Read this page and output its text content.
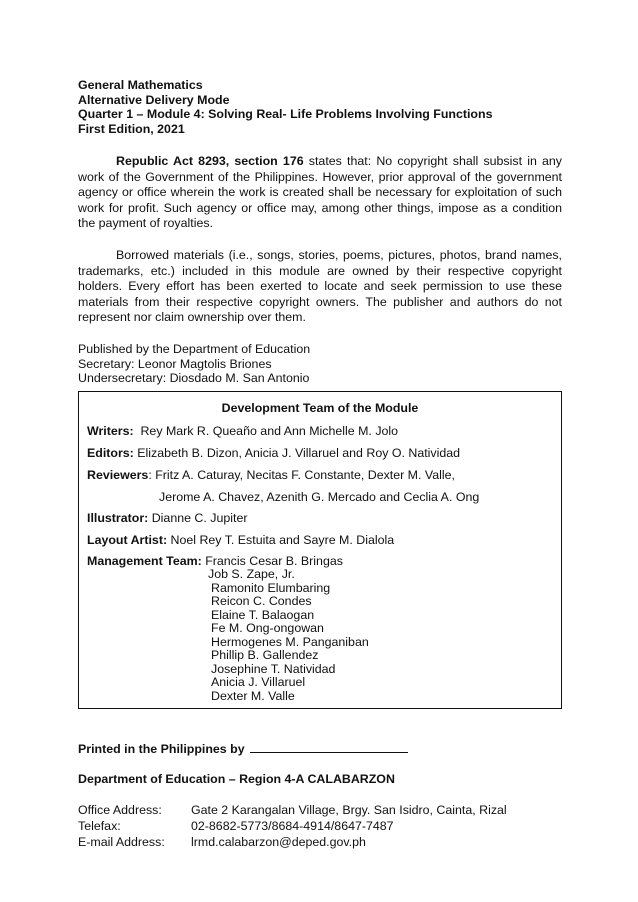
General Mathematics
Alternative Delivery Mode
Quarter 1 – Module 4: Solving Real- Life Problems Involving Functions
First Edition, 2021

Republic Act 8293, section 176 states that: No copyright shall subsist in any work of the Government of the Philippines. However, prior approval of the government agency or office wherein the work is created shall be necessary for exploitation of such work for profit. Such agency or office may, among other things, impose as a condition the payment of royalties.

Borrowed materials (i.e., songs, stories, poems, pictures, photos, brand names, trademarks, etc.) included in this module are owned by their respective copyright holders. Every effort has been exerted to locate and seek permission to use these materials from their respective copyright owners. The publisher and authors do not represent nor claim ownership over them.

Published by the Department of Education
Secretary: Leonor Magtolis Briones
Undersecretary: Diosdado M. San Antonio
Development Team of the Module
Writers:  Rey Mark R. Queaño and Ann Michelle M. Jolo
Editors: Elizabeth B. Dizon, Anicia J. Villaruel and Roy O. Natividad
Reviewers: Fritz A. Caturay, Necitas F. Constante, Dexter M. Valle,
Jerome A. Chavez, Azenith G. Mercado and Ceclia A. Ong
Illustrator: Dianne C. Jupiter
Layout Artist: Noel Rey T. Estuita and Sayre M. Dialola
Management Team: Francis Cesar B. Bringas
Job S. Zape, Jr.
Ramonito Elumbaring
Reicon C. Condes
Elaine T. Balaogan
Fe M. Ong-ongowan
Hermogenes M. Panganiban
Phillip B. Gallendez
Josephine T. Natividad
Anicia J. Villaruel
Dexter M. Valle
Printed in the Philippines by
Department of Education – Region 4-A CALABARZON
Office Address:	Gate 2 Karangalan Village, Brgy. San Isidro, Cainta, Rizal
Telefax:	02-8682-5773/8684-4914/8647-7487
E-mail Address:	lrmd.calabarzon@deped.gov.ph
